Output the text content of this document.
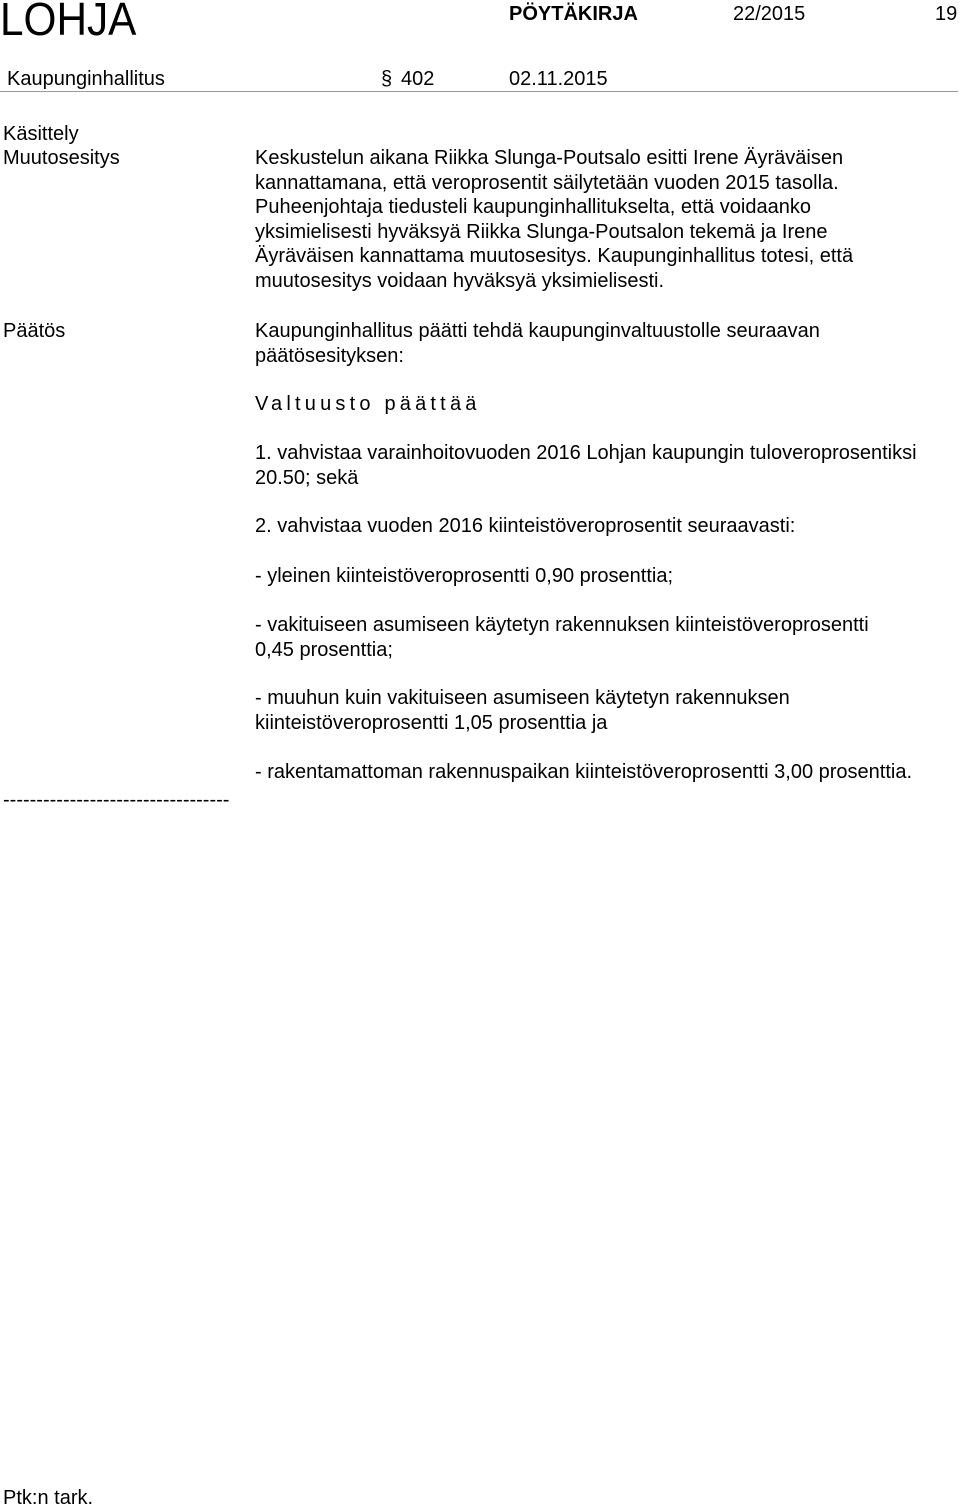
LOHJA	PÖYTÄKIRJA	22/2015	19
Kaupunginhallitus	§ 402	02.11.2015
Käsittely
Muutosesitys
Päätös

Keskustelun aikana Riikka Slunga-Poutsalo esitti Irene Äyräväisen

kannattamana, että veroprosentit säilytetään vuoden 2015 tasolla.

Puheenjohtaja tiedusteli kaupunginhallitukselta, että voidaanko

yksimielisesti hyväksyä Riikka Slunga-Poutsalon tekemä ja Irene

Äyräväisen kannattama muutosesitys. Kaupunginhallitus totesi, että

muutosesitys voidaan hyväksyä yksimielisesti.

Kaupunginhallitus päätti tehdä kaupunginvaltuustolle seuraavan

päätösesityksen:

Valtuusto päättää

1. vahvistaa varainhoitovuoden 2016 Lohjan kaupungin tuloveroprosentiksi

20.50; sekä

2. vahvistaa vuoden 2016 kiinteistöveroprosentit seuraavasti:

- yleinen kiinteistöveroprosentti 0,90 prosenttia;

- vakituiseen asumiseen käytetyn rakennuksen kiinteistöveroprosentti

0,45 prosenttia;

- muuhun kuin vakituiseen asumiseen käytetyn rakennuksen

kiinteistöveroprosentti 1,05 prosenttia ja

- rakentamattoman rakennuspaikan kiinteistöveroprosentti 3,00 prosenttia.

----------------------------------
Ptk:n tark.
